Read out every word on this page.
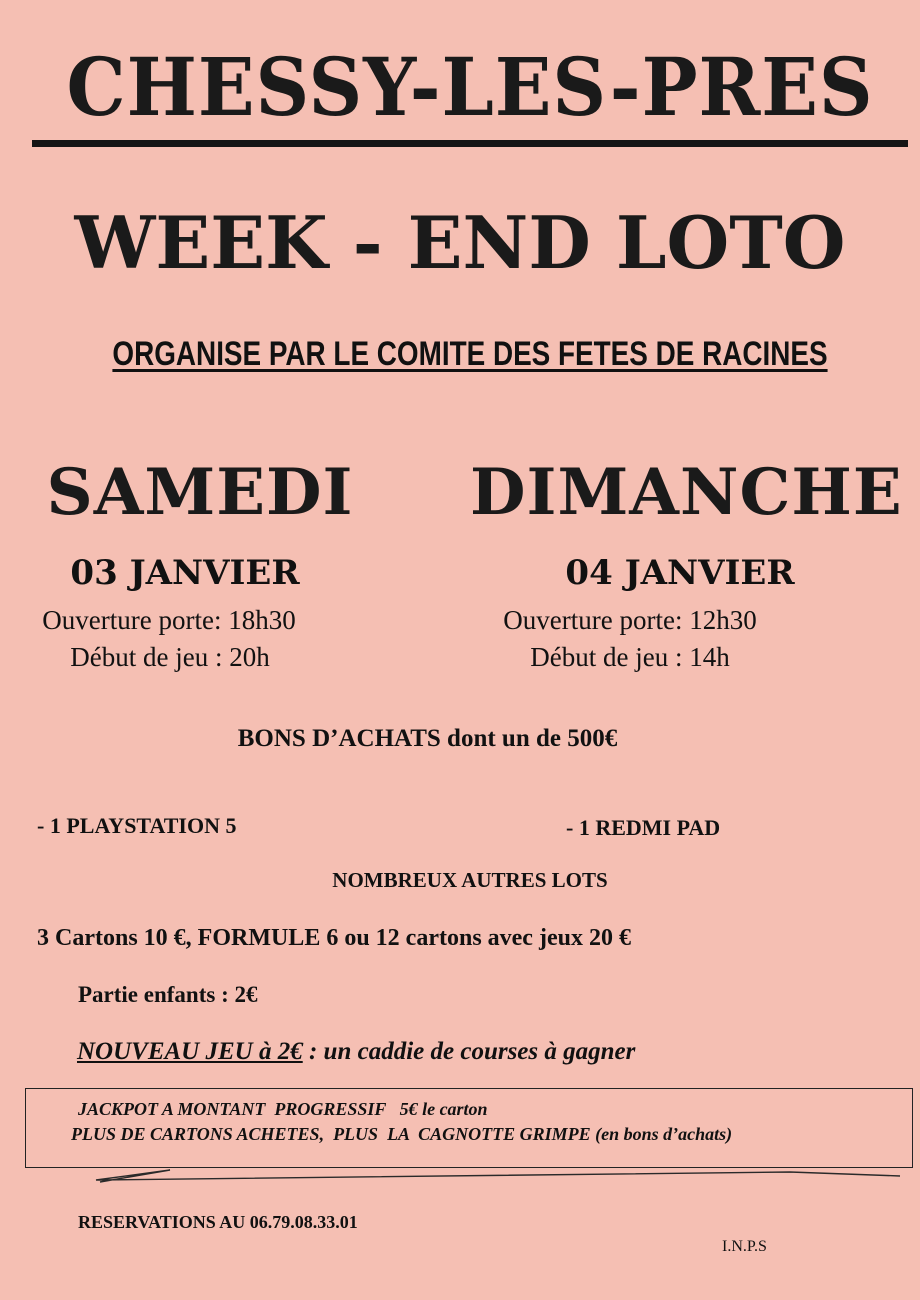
CHESSY-LES-PRES
WEEK - END LOTO
ORGANISE PAR LE COMITE DES FETES DE RACINES
SAMEDI
03 JANVIER
Ouverture porte: 18h30
Début de jeu : 20h
DIMANCHE
04 JANVIER
Ouverture porte: 12h30
Début de jeu : 14h
BONS D’ACHATS dont un de 500€
- 1 PLAYSTATION 5	- 1 REDMI PAD
NOMBREUX AUTRES LOTS
3 Cartons 10 €, FORMULE 6 ou 12 cartons avec jeux 20 €
Partie enfants : 2€
NOUVEAU JEU à 2€ : un caddie de courses à gagner
JACKPOT A MONTANT  PROGRESSIF   5€ le carton
PLUS DE CARTONS ACHETES,  PLUS  LA  CAGNOTTE GRIMPE (en bons d’achats)
RESERVATIONS AU 06.79.08.33.01
I.N.P.S
